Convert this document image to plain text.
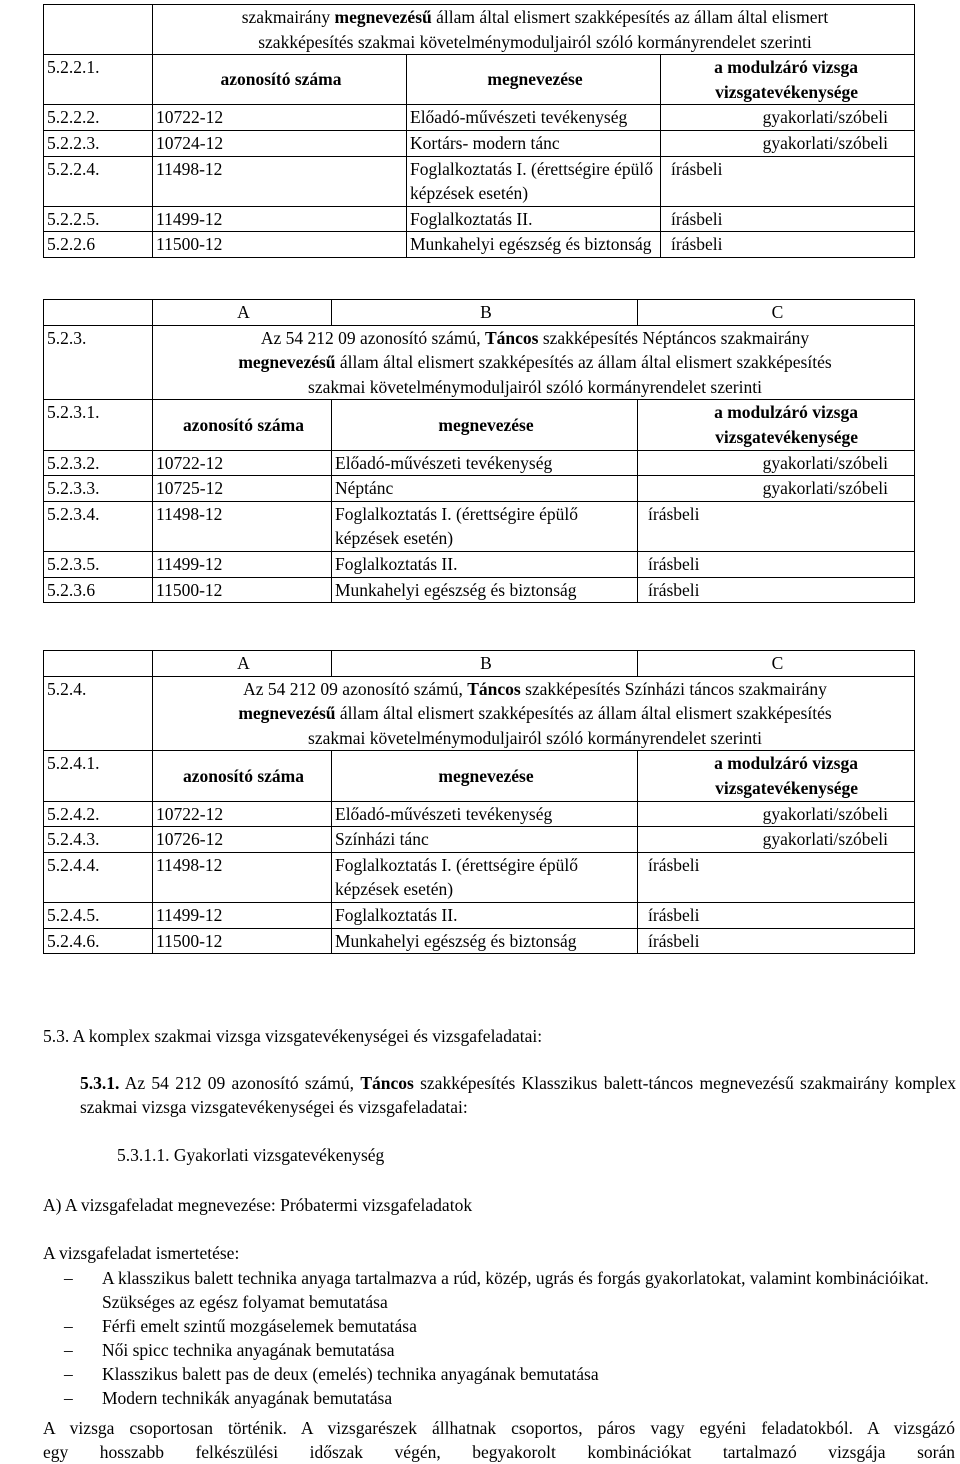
	szakmairány megnevezésű állam által elismert szakképesítés az állam által elismert
szakképesítés szakmai követelménymoduljairól szóló kormányrendelet szerinti		
5.2.2.1.	azonosító száma	megnevezése	a modulzáró vizsga
vizsgatevékenysége
5.2.2.2.	10722-12	Előadó-művészeti tevékenység	gyakorlati/szóbeli
5.2.2.3.	10724-12	Kortárs- modern tánc	gyakorlati/szóbeli
5.2.2.4.	11498-12	Foglalkoztatás I. (érettségire épülő képzések esetén)	írásbeli
5.2.2.5.	11499-12	Foglalkoztatás II.	írásbeli
5.2.2.6	11500-12	Munkahelyi egészség és biztonság	írásbeli
	A	B	C
5.2.3.	Az 54 212 09 azonosító számú, Táncos szakképesítés Néptáncos szakmairány
megnevezésű állam által elismert szakképesítés az állam által elismert szakképesítés
szakmai követelménymoduljairól szóló kormányrendelet szerinti		
5.2.3.1.	azonosító száma	megnevezése	a modulzáró vizsga
vizsgatevékenysége
5.2.3.2.	10722-12	Előadó-művészeti tevékenység	gyakorlati/szóbeli
5.2.3.3.	10725-12	Néptánc	gyakorlati/szóbeli
5.2.3.4.	11498-12	Foglalkoztatás I. (érettségire épülő képzések esetén)	írásbeli
5.2.3.5.	11499-12	Foglalkoztatás II.	írásbeli
5.2.3.6	11500-12	Munkahelyi egészség és biztonság	írásbeli
	A	B	C
5.2.4.	Az 54 212 09 azonosító számú, Táncos szakképesítés Színházi táncos szakmairány
megnevezésű állam által elismert szakképesítés az állam által elismert szakképesítés
szakmai követelménymoduljairól szóló kormányrendelet szerinti		
5.2.4.1.	azonosító száma	megnevezése	a modulzáró vizsga
vizsgatevékenysége
5.2.4.2.	10722-12	Előadó-művészeti tevékenység	gyakorlati/szóbeli
5.2.4.3.	10726-12	Színházi tánc	gyakorlati/szóbeli
5.2.4.4.	11498-12	Foglalkoztatás I. (érettségire épülő képzések esetén)	írásbeli
5.2.4.5.	11499-12	Foglalkoztatás II.	írásbeli
5.2.4.6.	11500-12	Munkahelyi egészség és biztonság	írásbeli
5.3. A komplex szakmai vizsga vizsgatevékenységei és vizsgafeladatai:
5.3.1. Az 54 212 09 azonosító számú, Táncos szakképesítés Klasszikus balett-táncos megnevezésű szakmairány komplex szakmai vizsga vizsgatevékenységei és vizsgafeladatai:
5.3.1.1. Gyakorlati vizsgatevékenység
A) A vizsgafeladat megnevezése: Próbatermi vizsgafeladatok
A vizsgafeladat ismertetése:
– A klasszikus balett technika anyaga tartalmazva a rúd, közép, ugrás és forgás gyakorlatokat, valamint kombinációikat. Szükséges az egész folyamat bemutatása
– Férfi emelt szintű mozgáselemek bemutatása
– Női spicc technika anyagának bemutatása
– Klasszikus balett pas de deux (emelés) technika anyagának bemutatása
– Modern technikák anyagának bemutatása
A vizsga csoportosan történik. A vizsgarészek állhatnak csoportos, páros vagy egyéni feladatokból. A vizsgázó
egy hosszabb felkészülési időszak végén, begyakorolt kombinációkat tartalmazó vizsgája során
